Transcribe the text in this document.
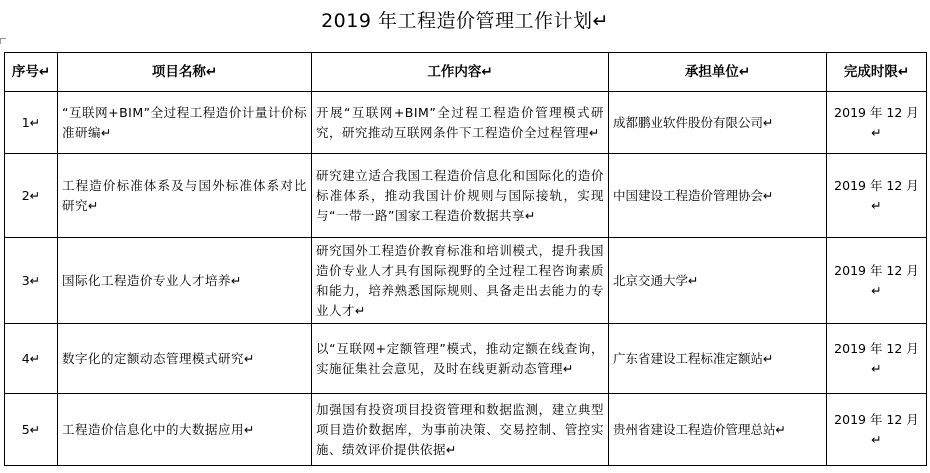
2019 年工程造价管理工作计划↵
序号↵	项目名称↵	工作内容↵	承担单位↵	完成时限↵
1↵	“互联网+BIM”全过程工程造价计量计价标准研编↵	开展“互联网+BIM”全过程工程造价管理模式研究，研究推动互联网条件下工程造价全过程管理↵	成都鹏业软件股份有限公司↵	2019 年 12 月↵
2↵	工程造价标准体系及与国外标准体系对比研究↵	研究建立适合我国工程造价信息化和国际化的造价标准体系，推动我国计价规则与国际接轨，实现与“一带一路”国家工程造价数据共享↵	中国建设工程造价管理协会↵	2019 年 12 月↵
3↵	国际化工程造价专业人才培养↵	研究国外工程造价教育标准和培训模式，提升我国造价专业人才具有国际视野的全过程工程咨询素质和能力，培养熟悉国际规则、具备走出去能力的专业人才↵	北京交通大学↵	2019 年 12 月↵
4↵	数字化的定额动态管理模式研究↵	以“互联网+定额管理”模式，推动定额在线查询，实施征集社会意见，及时在线更新动态管理↵	广东省建设工程标准定额站↵	2019 年 12 月↵
5↵	工程造价信息化中的大数据应用↵	加强国有投资项目投资管理和数据监测，建立典型项目造价数据库，为事前决策、交易控制、管控实施、绩效评价提供依据↵	贵州省建设工程造价管理总站↵	2019 年 12 月↵
